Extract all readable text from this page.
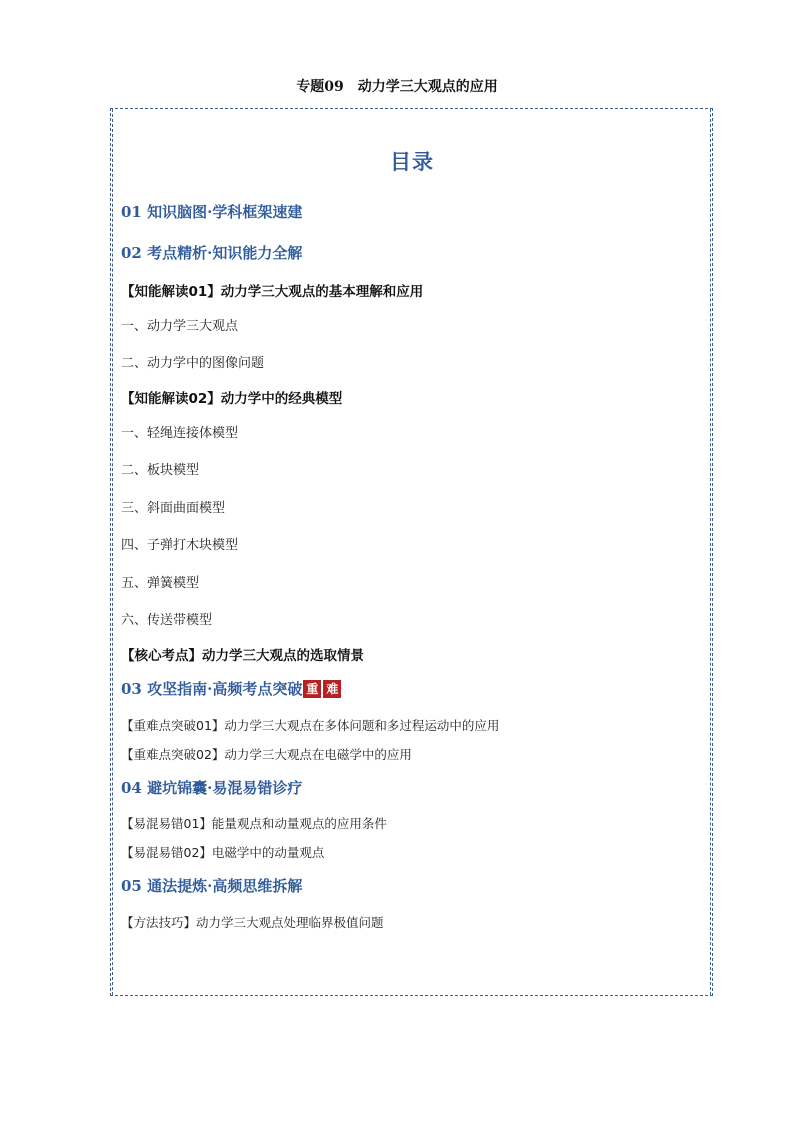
专题09 动力学三大观点的应用
目录
01 知识脑图·学科框架速建
02 考点精析·知识能力全解
【知能解读01】动力学三大观点的基本理解和应用
一、动力学三大观点
二、动力学中的图像问题
【知能解读02】动力学中的经典模型
一、轻绳连接体模型
二、板块模型
三、斜面曲面模型
四、子弹打木块模型
五、弹簧模型
六、传送带模型
【核心考点】动力学三大观点的选取情景
03 攻坚指南·高频考点突破 重 难
【重难点突破01】动力学三大观点在多体问题和多过程运动中的应用
【重难点突破02】动力学三大观点在电磁学中的应用
04 避坑锦囊·易混易错诊疗
【易混易错01】能量观点和动量观点的应用条件
【易混易错02】电磁学中的动量观点
05 通法提炼·高频思维拆解
【方法技巧】动力学三大观点处理临界极值问题
